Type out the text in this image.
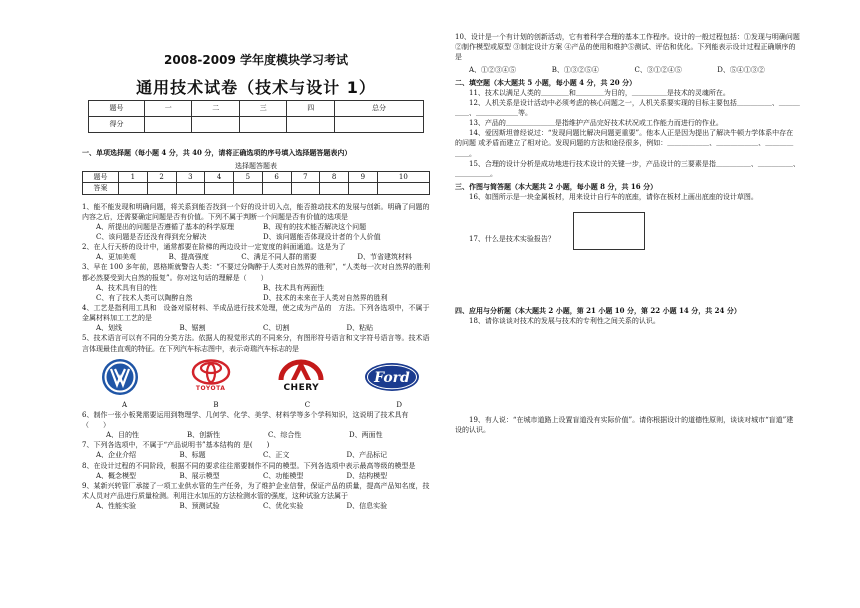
2008-2009 学年度模块学习考试
通用技术试卷（技术与设计 1）
题号	一	二	三	四	总分
得分					
一、单项选择题（每小题 4 分，共 40 分，请将正确选项的序号填入选择题答题表内）
选择题答题表
题号	1	2	3	4	5	6	7	8	9	10
答案										

1、能不能发现和明确问题，将关系到能否找到一个好的设计切入点，能否推动技术的发展与创新。明确了问题的内容之后，还需要确定问题是否有价值。下列不属于判断一个问题是否有价值的选项是

A、所提出的问题是否遵循了基本的科学原理	B、现有的技术能否解决这个问题
C、该问题是否还没有得到充分解决	D、该问题能否体现设计者的个人价值

2、在人行天桥的设计中，通常都要在阶梯的两边设计一定宽度的斜面通道。这是为了

A、更加美观	B、提高强度	C、满足不同人群的需要	D、节省建筑材料

3、早在 100 多年前，恩格斯就警告人类：“不要过分陶醉于人类对自然界的胜利”，“人类每一次对自然界的胜利都必然要受到大自然的报复”。你对这句话的理解是（　　）

A、技术具有目的性	B、技术具有两面性
C、有了技术人类可以陶醉自然	D、技术的未来在于人类对自然界的胜利

4、工艺是指利用工具和　设备对原材料、半成品进行技术处理，使之成为产品的　方法。下列各选项中，不属于金属材料加工工艺的是

A、划线	B、锯割	C、切割	D、粘贴

5、技术语言可以有不同的分类方法。依据人的视觉形式的不同来分，有图形符号语言和文字符号语言等。技术语言体现最佳直观的特征。在下列汽车标志图中，表示奇瑞汽车标志的是

TOYOTA	CHERY
Ford
A	B	C	D

6、制作一张小板凳需要运用到物理学、几何学、化学、美学、材料学等多个学科知识，这说明了技术具有（　　）

A、目的性	B、创新性	C、综合性	D、两面性

7、下列各选项中，不属于“产品说明书”基本结构的 是(　　)

A、企业介绍	B、标题	C、正文	D、产品标记

8、在设计过程的不同阶段，根据不同的要求往往需要制作不同的模型。下列各选项中表示最高等级的模型是

A、概念模型	B、展示模型	C、功能模型	D、结构模型

9、某新兴转管厂承接了一项工业供水管的生产任务，为了维护企业信誉，保证产品的质量，提高产品知名度，技术人员对产品进行质量检测。利用注水加压的方法检测水管的强度，这种试验方法属于

A、性能实验	B、预测试验	C、优化实验	D、信息实验

10、设计是一个有计划的创新活动，它有着科学合理的基本工作程序。设计的一般过程包括：①发现与明确问题 ②制作模型或原型 ③制定设计方案 ④产品的使用和维护⑤测试、评估和优化。下列能表示设计过程正确顺序的是

A、①②③④⑤	B、①③②⑤④	C、③①②④⑤	D、⑤④①③②
二、填空题（本大题共 5 小题，每小题 4 分，共 20 分）

11、技术以满足人类的＿＿＿＿和＿＿＿＿为目的，＿＿＿＿＿是技术的灵魂所在。

12、人机关系是设计活动中必须考虑的核心问题之一，人机关系要实现的目标主要包括＿＿＿＿＿、＿＿＿＿＿、＿＿＿＿＿＿等。

13、产品的＿＿＿＿＿＿＿是指维护产品完好技术状况或工作能力而进行的作业。

14、爱因斯坦曾经说过：“发现问题比解决问题更重要”。他本人正是因为提出了解决牛顿力学体系中存在的问题 或矛盾而建立了相对论。发现问题的方法和途径很多，例如：＿＿＿＿＿＿、＿＿＿＿＿＿、＿＿＿＿＿＿。

15、合理的设计分析是成功地进行技术设计的关键一步，产品设计的三要素是指＿＿＿＿＿、＿＿＿＿＿、＿＿＿＿＿。

三、作图与简答题（本大题共 2 小题，每小题 8 分，共 16 分）

16、如图所示是一块金属板材，用来设计自行车的底座，请你在板材上画出底座的设计草图。

17、什么是技术实验报告？

四、应用与分析题（本大题共 2 小题，第 21 小题 10 分，第 22 小题 14 分，共 24 分）

18、请你谈谈对技术的发展与技术的专利性之间关系的认识。

19、有人说：“在城市道路上设置盲道没有实际价值”。请你根据设计的道德性原则，谈谈对城市“盲道”建设的认识。
